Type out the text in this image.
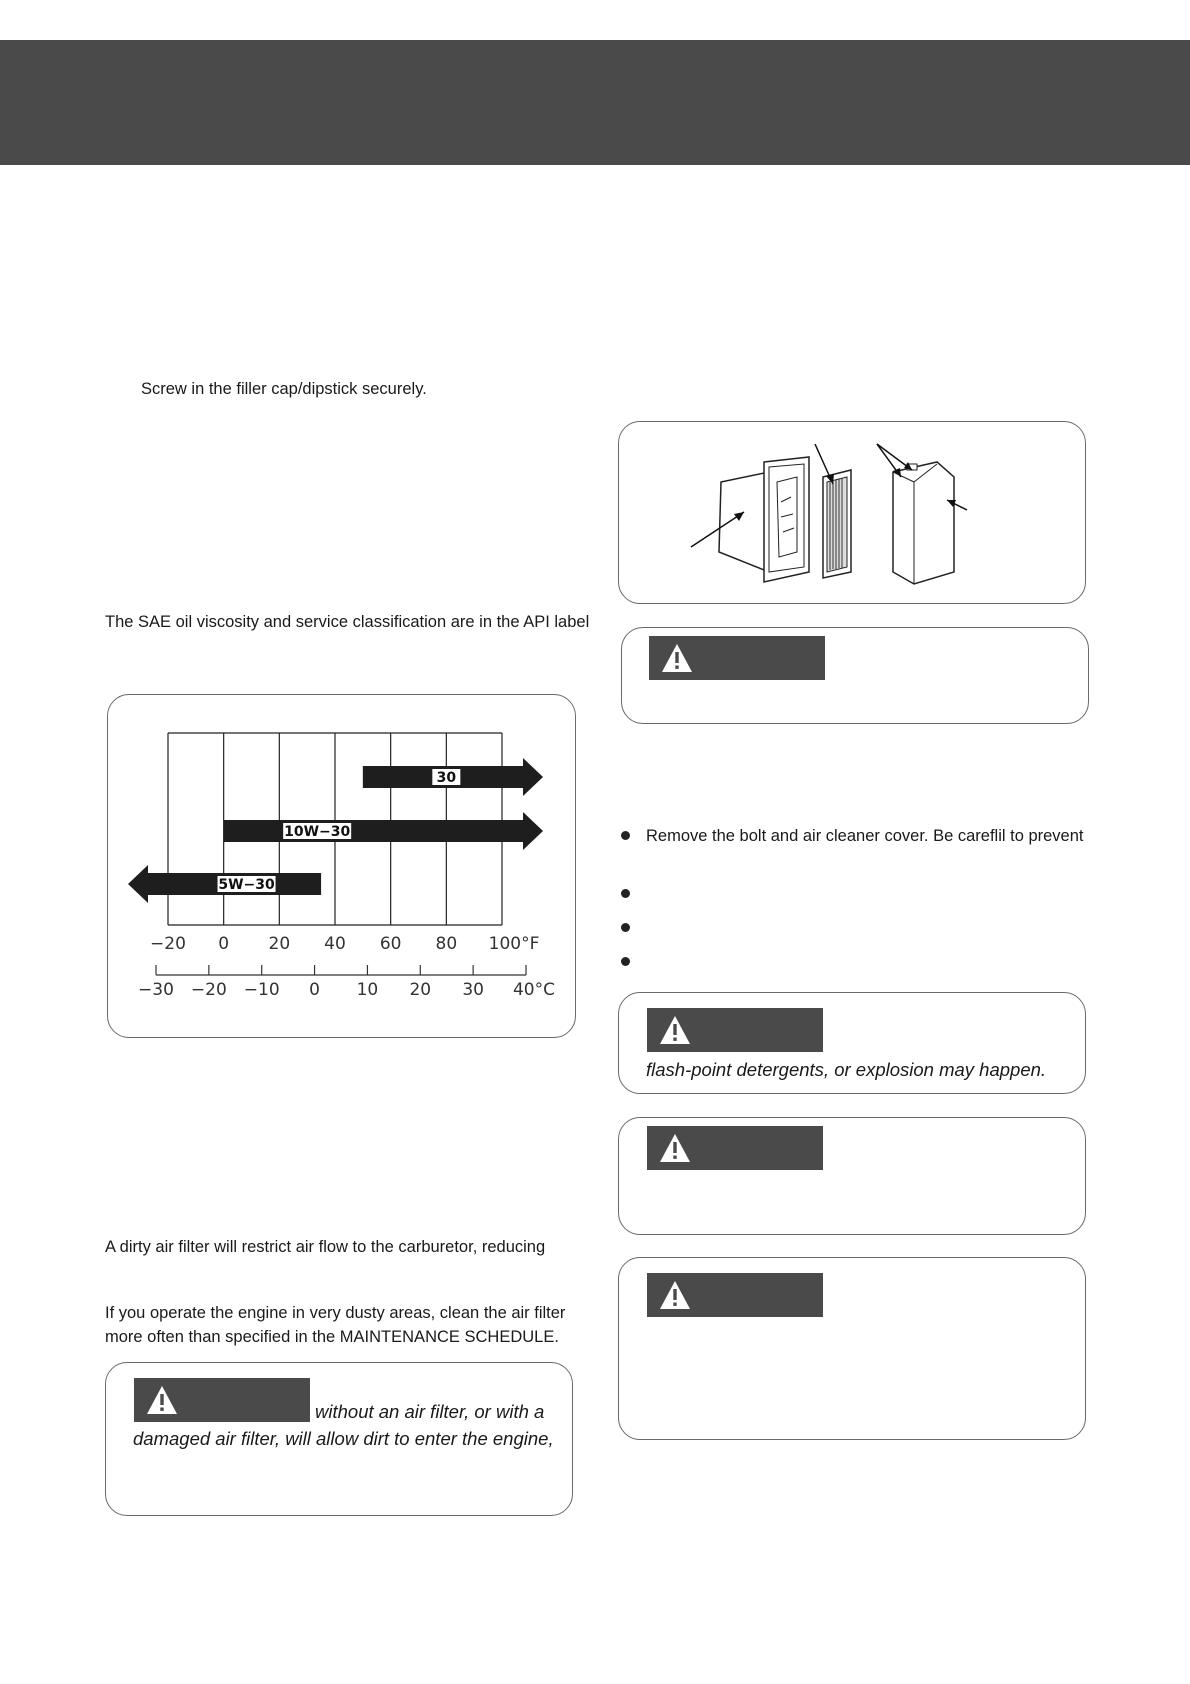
Screw in the filler cap/dipstick securely.
The SAE oil viscosity and service classification are in the API label
30
10W−30
5W−30
−20 0 20 40 60 80 100°F
−30 −20 −10 0 10 20 30 40°C
A dirty air filter will restrict air flow to the carburetor, reducing
If you operate the engine in very dusty areas, clean the air filter
more often than specified in the MAINTENANCE SCHEDULE.
without an air filter, or with a
damaged air filter, will allow dirt to enter the engine,
Remove the bolt and air cleaner cover. Be careflil to prevent
flash-point detergents, or explosion may happen.
